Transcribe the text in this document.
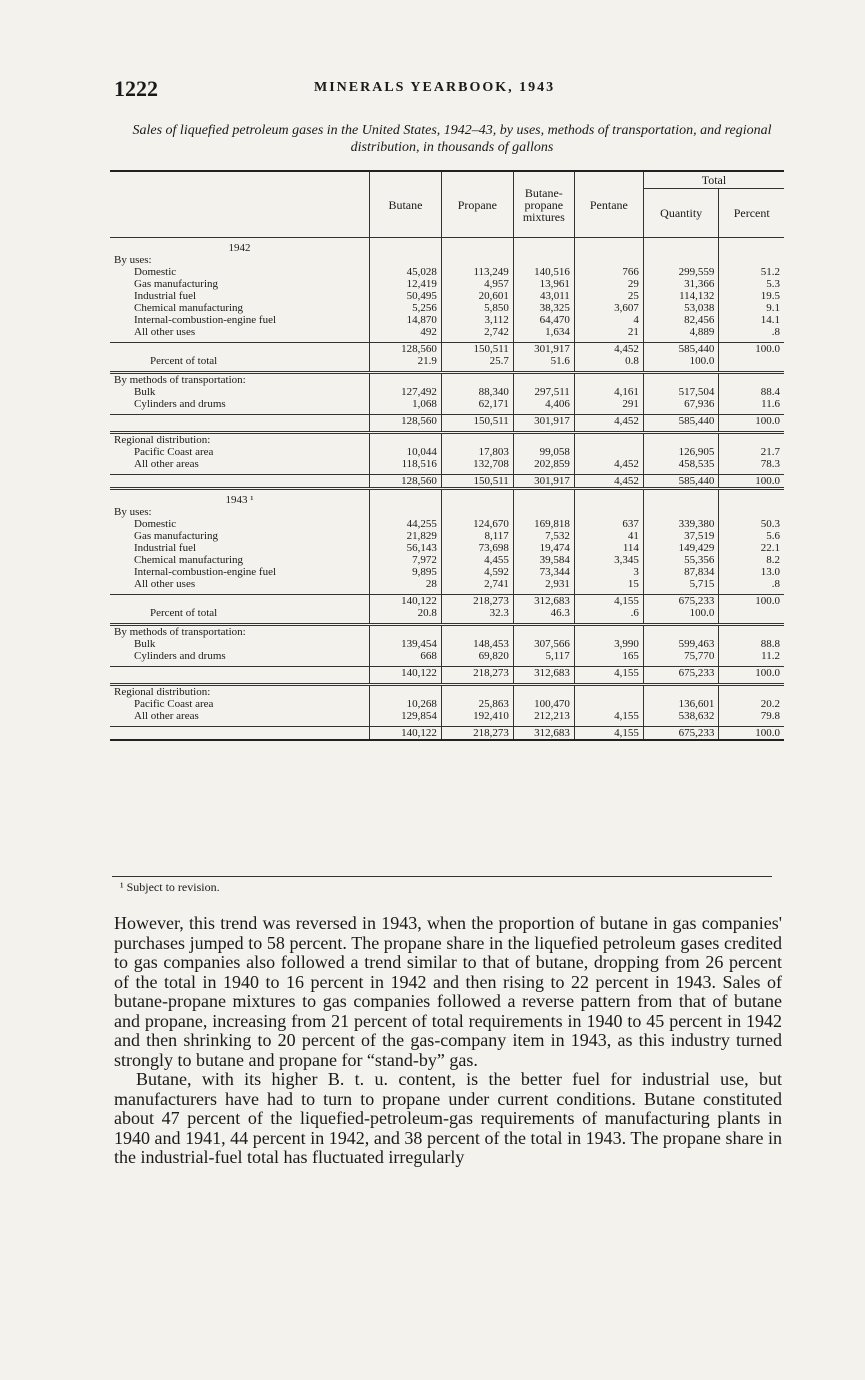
1222	MINERALS YEARBOOK, 1943
Sales of liquefied petroleum gases in the United States, 1942–43, by uses, methods of transportation, and regional distribution, in thousands of gallons
	Butane	Propane	Butane-propane mixtures	Pentane	Total	
					Quantity	Percent
1942						
By uses:						
Domestic	45,028	113,249	140,516	766	299,559	51.2
Gas manufacturing	12,419	4,957	13,961	29	31,366	5.3
Industrial fuel	50,495	20,601	43,011	25	114,132	19.5
Chemical manufacturing	5,256	5,850	38,325	3,607	53,038	9.1
Internal-combustion-engine fuel	14,870	3,112	64,470	4	82,456	14.1
All other uses	492	2,742	1,634	21	4,889	.8

	128,560	150,511	301,917	4,452	585,440	100.0
Percent of total	21.9	25.7	51.6	0.8	100.0	

By methods of transportation:						
Bulk	127,492	88,340	297,511	4,161	517,504	88.4
Cylinders and drums	1,068	62,171	4,406	291	67,936	11.6

	128,560	150,511	301,917	4,452	585,440	100.0

Regional distribution:						
Pacific Coast area	10,044	17,803	99,058		126,905	21.7
All other areas	118,516	132,708	202,859	4,452	458,535	78.3

	128,560	150,511	301,917	4,452	585,440	100.0
1943 ¹						
By uses:						
Domestic	44,255	124,670	169,818	637	339,380	50.3
Gas manufacturing	21,829	8,117	7,532	41	37,519	5.6
Industrial fuel	56,143	73,698	19,474	114	149,429	22.1
Chemical manufacturing	7,972	4,455	39,584	3,345	55,356	8.2
Internal-combustion-engine fuel	9,895	4,592	73,344	3	87,834	13.0
All other uses	28	2,741	2,931	15	5,715	.8

	140,122	218,273	312,683	4,155	675,233	100.0
Percent of total	20.8	32.3	46.3	.6	100.0	

By methods of transportation:						
Bulk	139,454	148,453	307,566	3,990	599,463	88.8
Cylinders and drums	668	69,820	5,117	165	75,770	11.2

	140,122	218,273	312,683	4,155	675,233	100.0

Regional distribution:						
Pacific Coast area	10,268	25,863	100,470		136,601	20.2
All other areas	129,854	192,410	212,213	4,155	538,632	79.8

	140,122	218,273	312,683	4,155	675,233	100.0
¹ Subject to revision.

However, this trend was reversed in 1943, when the proportion of butane in gas companies' purchases jumped to 58 percent. The propane share in the liquefied petroleum gases credited to gas companies also followed a trend similar to that of butane, dropping from 26 percent of the total in 1940 to 16 percent in 1942 and then rising to 22 percent in 1943. Sales of butane-propane mixtures to gas companies followed a reverse pattern from that of butane and propane, increasing from 21 percent of total requirements in 1940 to 45 percent in 1942 and then shrinking to 20 percent of the gas-company item in 1943, as this industry turned strongly to butane and propane for “stand-by” gas.

Butane, with its higher B. t. u. content, is the better fuel for industrial use, but manufacturers have had to turn to propane under current conditions. Butane constituted about 47 percent of the liquefied-petroleum-gas requirements of manufacturing plants in 1940 and 1941, 44 percent in 1942, and 38 percent of the total in 1943. The propane share in the industrial-fuel total has fluctuated irregularly
